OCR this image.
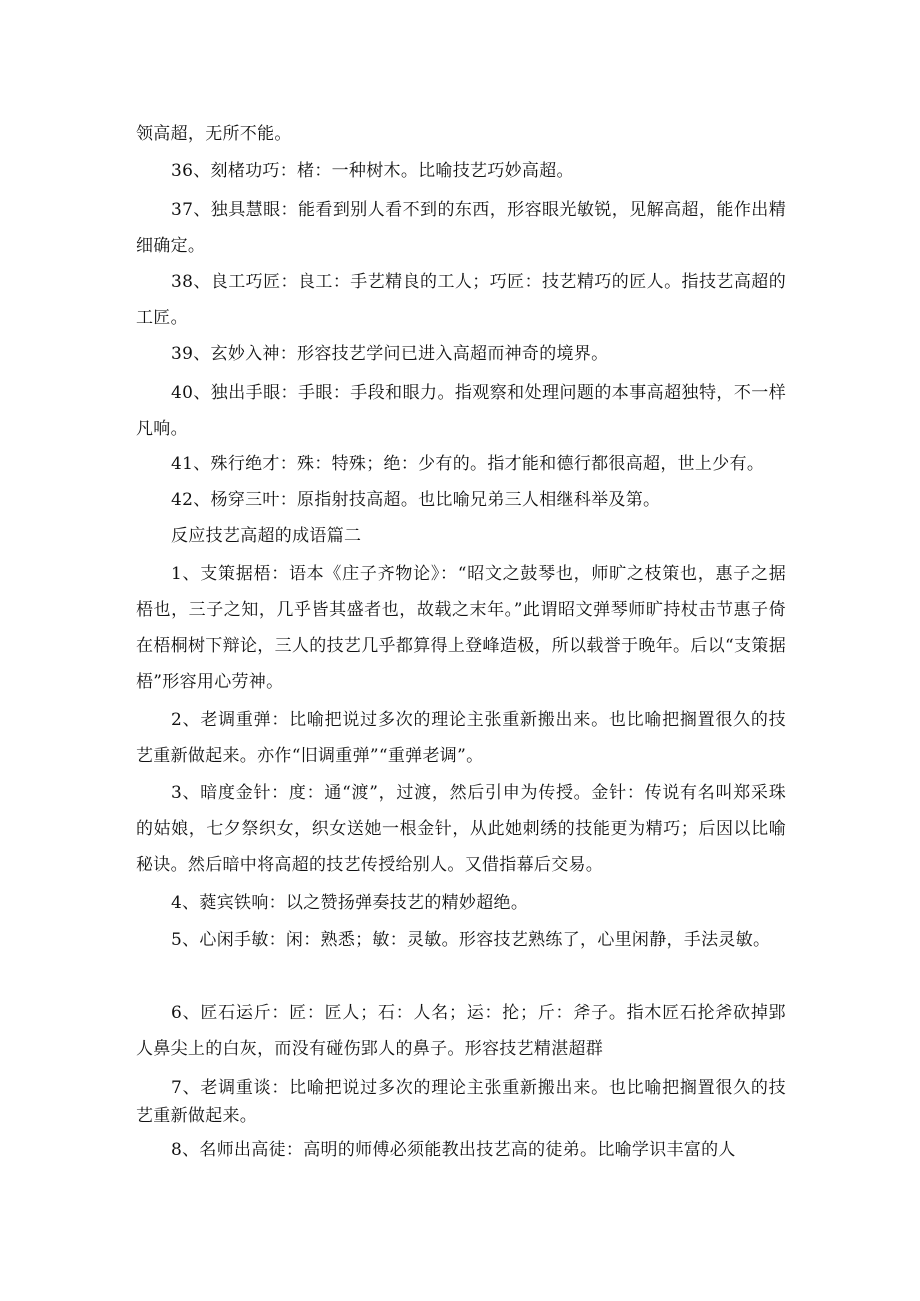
领高超，无所不能。

36、刻楮功巧：楮：一种树木。比喻技艺巧妙高超。

37、独具慧眼：能看到别人看不到的东西，形容眼光敏锐，见解高超，能作出精细确定。

38、良工巧匠：良工：手艺精良的工人；巧匠：技艺精巧的匠人。指技艺高超的工匠。

39、玄妙入神：形容技艺学问已进入高超而神奇的境界。

40、独出手眼：手眼：手段和眼力。指观察和处理问题的本事高超独特，不一样凡响。

41、殊行绝才：殊：特殊；绝：少有的。指才能和德行都很高超，世上少有。

42、杨穿三叶：原指射技高超。也比喻兄弟三人相继科举及第。

反应技艺高超的成语篇二

1、支策据梧：语本《庄子齐物论》：“昭文之鼓琴也，师旷之枝策也，惠子之据梧也，三子之知，几乎皆其盛者也，故载之末年。”此谓昭文弹琴师旷持杖击节惠子倚在梧桐树下辩论，三人的技艺几乎都算得上登峰造极，所以载誉于晚年。后以“支策据梧”形容用心劳神。

2、老调重弹：比喻把说过多次的理论主张重新搬出来。也比喻把搁置很久的技艺重新做起来。亦作“旧调重弹”“重弹老调”。

3、暗度金针：度：通“渡”，过渡，然后引申为传授。金针：传说有名叫郑采珠的姑娘，七夕祭织女，织女送她一根金针，从此她刺绣的技能更为精巧；后因以比喻秘诀。然后暗中将高超的技艺传授给别人。又借指幕后交易。

4、蕤宾铁响：以之赞扬弹奏技艺的精妙超绝。

5、心闲手敏：闲：熟悉；敏：灵敏。形容技艺熟练了，心里闲静，手法灵敏。

6、匠石运斤：匠：匠人；石：人名；运：抡；斤：斧子。指木匠石抡斧砍掉郢人鼻尖上的白灰，而没有碰伤郢人的鼻子。形容技艺精湛超群

7、老调重谈：比喻把说过多次的理论主张重新搬出来。也比喻把搁置很久的技艺重新做起来。

8、名师出高徒：高明的师傅必须能教出技艺高的徒弟。比喻学识丰富的人
